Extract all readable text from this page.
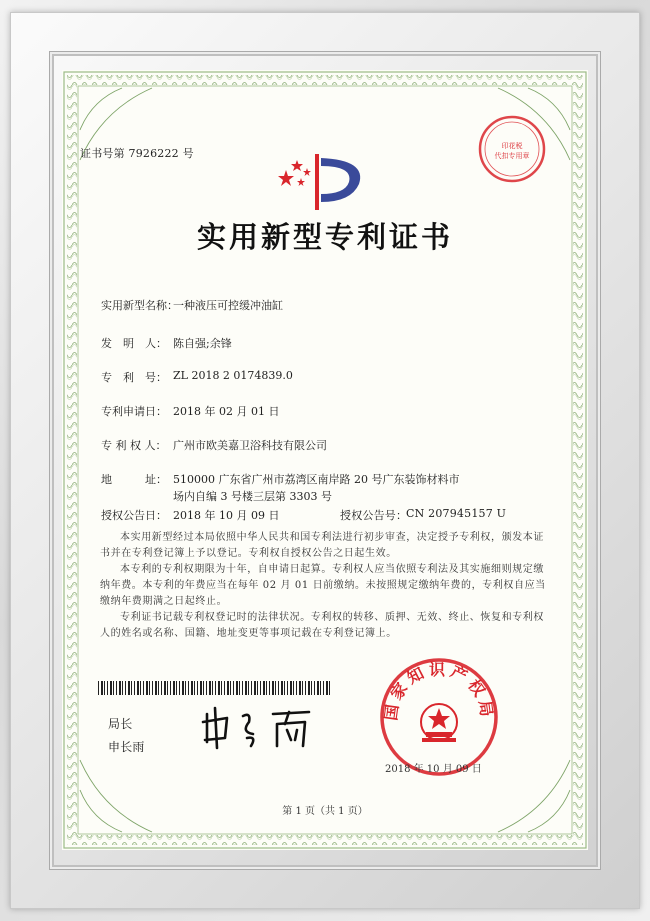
证书号第 7926222 号
印花税
代扣专用章
实用新型专利证书
实用新型名称：
一种液压可控缓冲油缸
发　明　人： 陈自强;余锋
专　利　号： ZL 2018 2 0174839.0
专利申请日： 2018 年 02 月 01 日
专 利 权 人： 广州市欧美嘉卫浴科技有限公司
地　　　址： 510000 广东省广州市荔湾区南岸路 20 号广东装饰材料市
场内自编 3 号楼三层第 3303 号
授权公告日： 2018 年 10 月 09 日	授权公告号：
CN 207945157 U

本实用新型经过本局依照中华人民共和国专利法进行初步审查，决定授予专利权，颁发本证书并在专利登记簿上予以登记。专利权自授权公告之日起生效。

本专利的专利权期限为十年，自申请日起算。专利权人应当依照专利法及其实施细则规定缴纳年费。本专利的年费应当在每年 02 月 01 日前缴纳。未按照规定缴纳年费的，专利权自应当缴纳年费期满之日起终止。

专利证书记载专利权登记时的法律状况。专利权的转移、质押、无效、终止、恢复和专利权人的姓名或名称、国籍、地址变更等事项记载在专利登记簿上。

局长
申长雨
国家知识产权局
2018 年 10 月 09 日
第 1 页（共 1 页）
